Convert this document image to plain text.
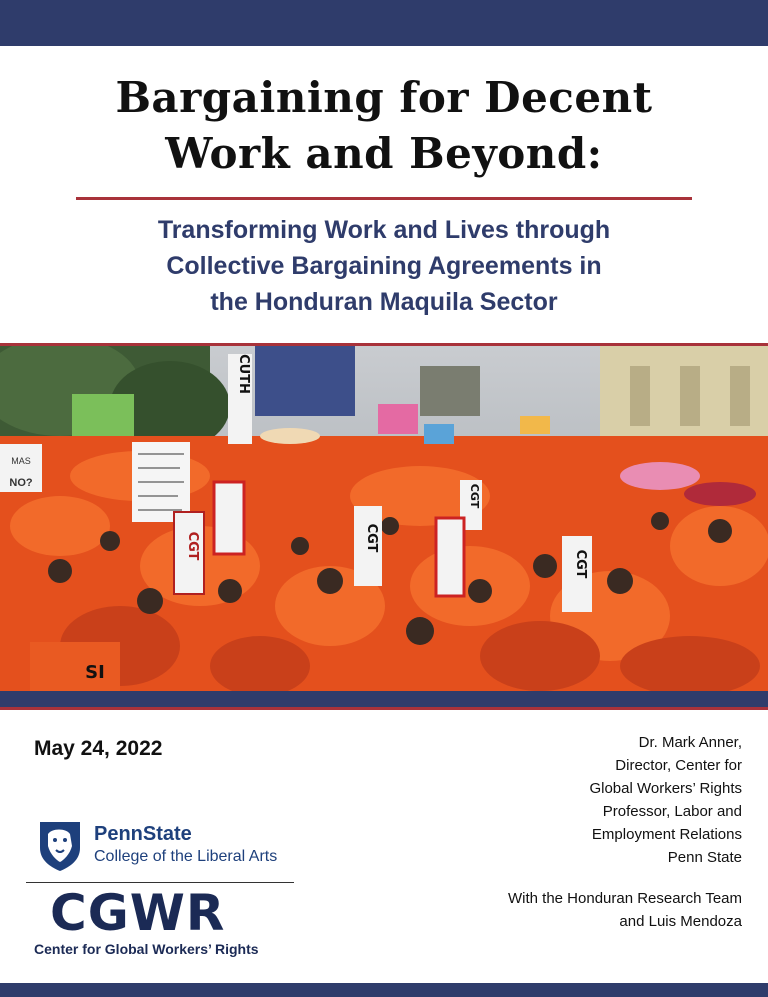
Bargaining for Decent
Work and Beyond:
Transforming Work and Lives through
Collective Bargaining Agreements in
the Honduran Maquila Sector
MAS
NO?
CUTH
CGT	CGT
CGT
CGT
SI
May 24, 2022	Dr. Mark Anner,
Director, Center for
Global Workers’ Rights
Professor, Labor and
Employment Relations
Penn State
With the Honduran Research Team
and Luis Mendoza
PennState
College of the Liberal Arts
CGWR
Center for Global Workers’ Rights
